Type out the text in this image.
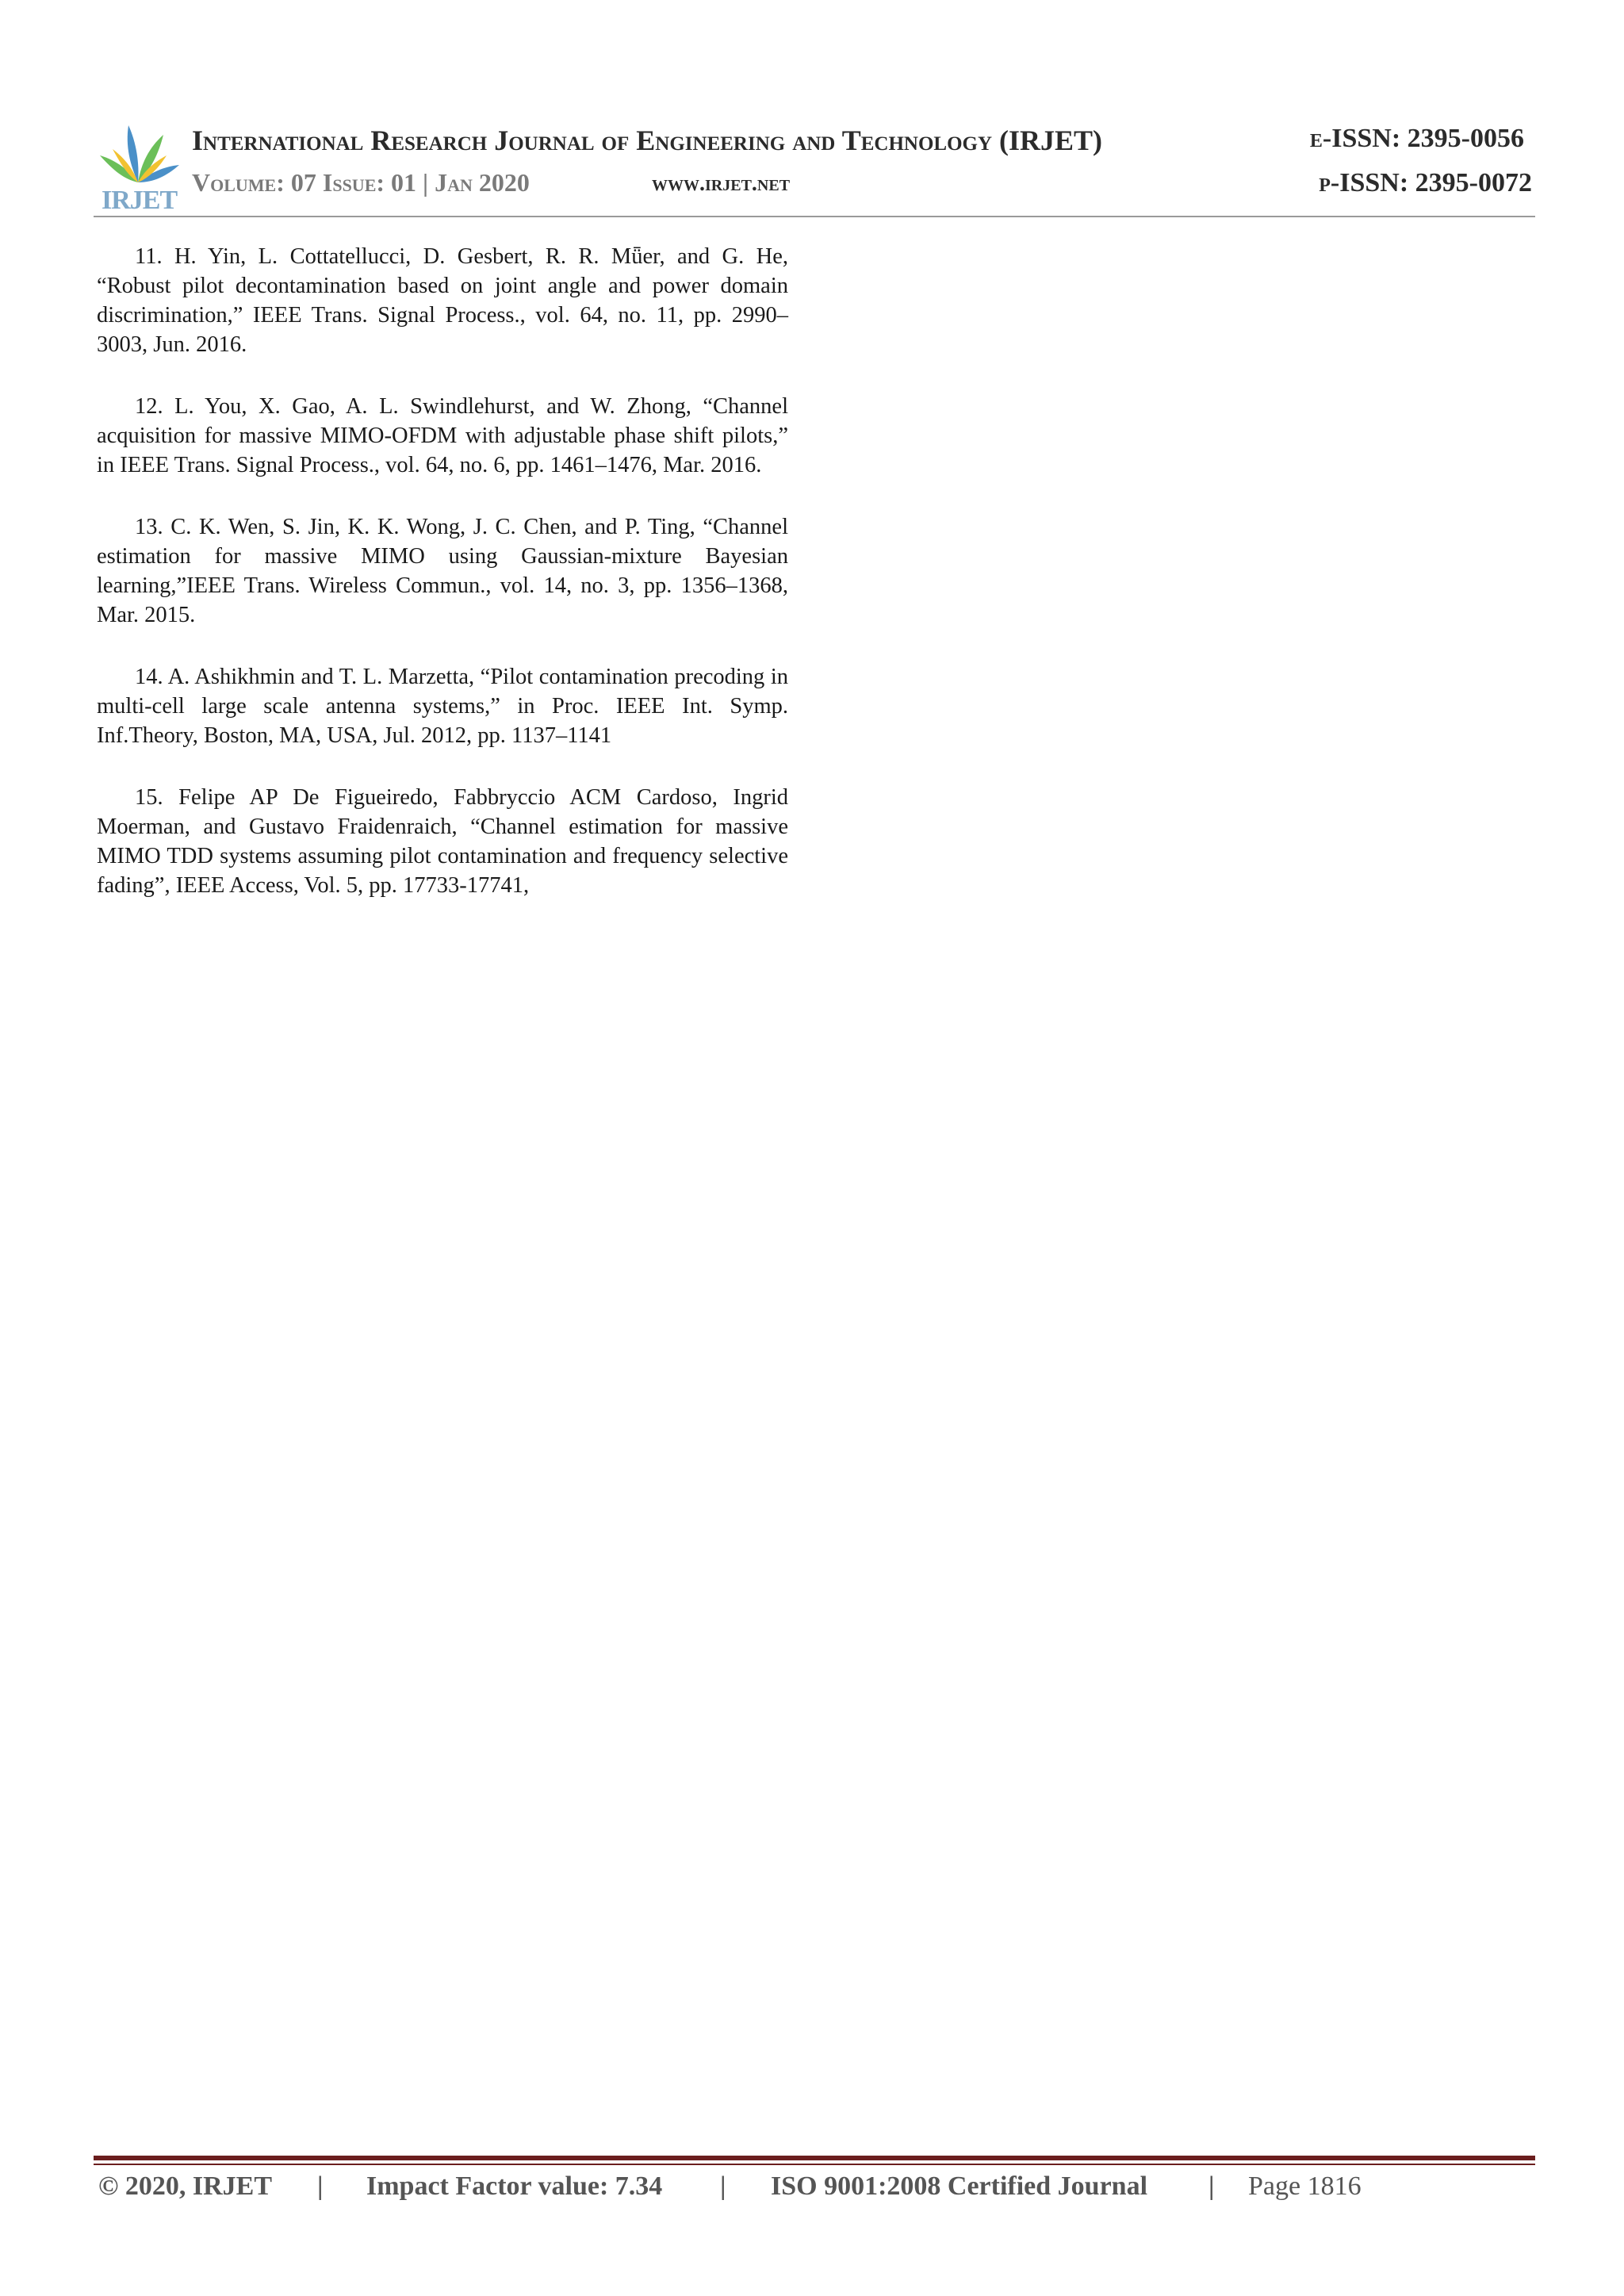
IRJET
International Research Journal of Engineering and Technology (IRJET)	e-ISSN: 2395-0056
Volume: 07 Issue: 01 | Jan 2020	www.irjet.net	p-ISSN: 2395-0072

11. H. Yin, L. Cottatellucci, D. Gesbert, R. R. Mǖer, and G. He, “Robust pilot decontamination based on joint angle and power domain discrimination,” IEEE Trans. Signal Process., vol. 64, no. 11, pp. 2990–3003, Jun. 2016.

12. L. You, X. Gao, A. L. Swindlehurst, and W. Zhong, “Channel acquisition for massive MIMO-OFDM with adjustable phase shift pilots,” in IEEE Trans. Signal Process., vol. 64, no. 6, pp. 1461–1476, Mar. 2016.

13. C. K. Wen, S. Jin, K. K. Wong, J. C. Chen, and P. Ting, “Channel estimation for massive MIMO using Gaussian-mixture Bayesian learning,”IEEE Trans. Wireless Commun., vol. 14, no. 3, pp. 1356–1368, Mar. 2015.

14. A. Ashikhmin and T. L. Marzetta, “Pilot contamination precoding in multi-cell large scale antenna systems,” in Proc. IEEE Int. Symp. Inf.Theory, Boston, MA, USA, Jul. 2012, pp. 1137–1141

15. Felipe AP De Figueiredo, Fabbryccio ACM Cardoso, Ingrid Moerman, and Gustavo Fraidenraich, “Channel estimation for massive MIMO TDD systems assuming pilot contamination and frequency selective fading”, IEEE Access, Vol. 5, pp. 17733-17741,

© 2020, IRJET | Impact Factor value: 7.34 | ISO 9001:2008 Certified Journal | Page 1816
